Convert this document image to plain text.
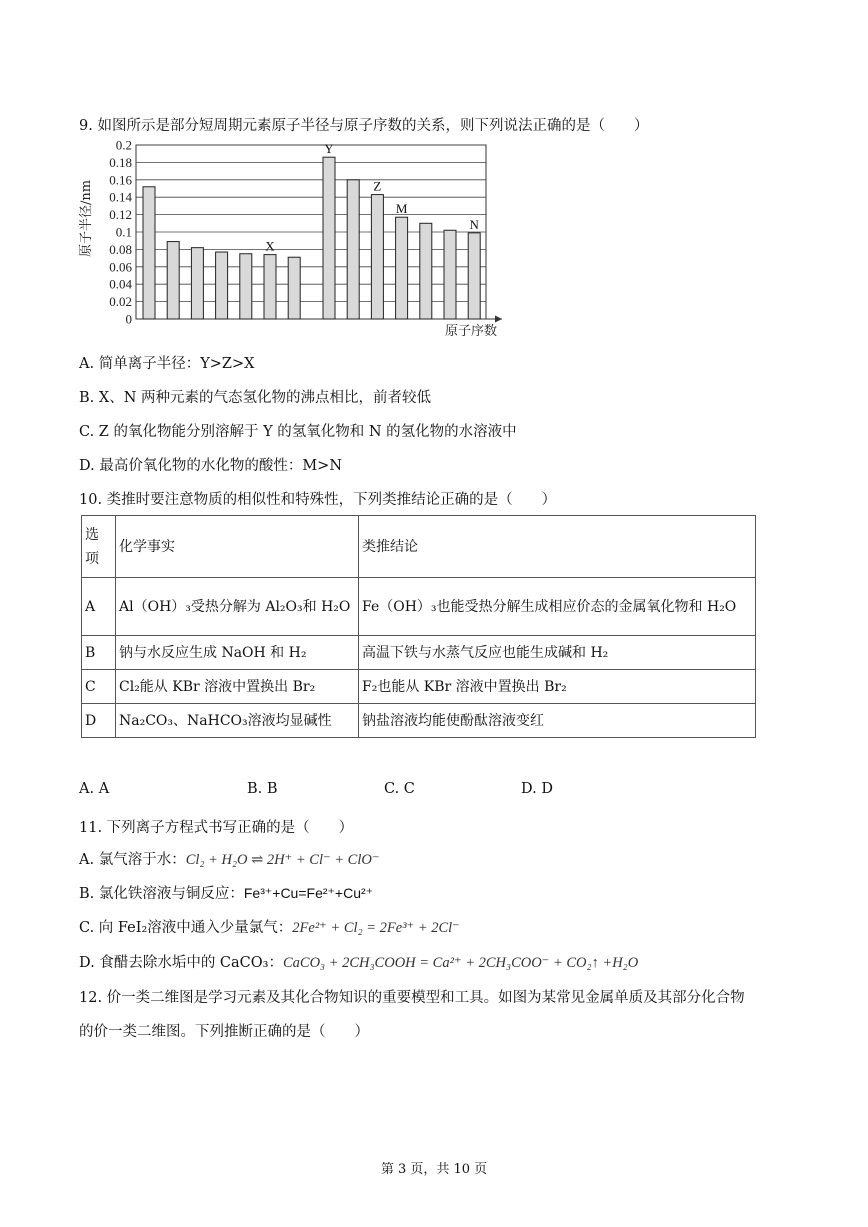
9. 如图所示是部分短周期元素原子半径与原子序数的关系，则下列说法正确的是（　　）
0
0.02
0.04
0.06
0.08
0.1
0.12
0.14
0.16
0.18
0.2
X
Y
Z
M
N
原子半径/nm
原子序数
A. 简单离子半径：Y>Z>X
B. X、N 两种元素的气态氢化物的沸点相比，前者较低
C. Z 的氧化物能分别溶解于 Y 的氢氧化物和 N 的氢化物的水溶液中
D. 最高价氧化物的水化物的酸性：M>N
10. 类推时要注意物质的相似性和特殊性，下列类推结论正确的是（　　）
选项	化学事实	类推结论
A	Al（OH）₃受热分解为 Al₂O₃和 H₂O	Fe（OH）₃也能受热分解生成相应价态的金属氧化物和 H₂O
B	钠与水反应生成 NaOH 和 H₂	高温下铁与水蒸气反应也能生成碱和 H₂
C	Cl₂能从 KBr 溶液中置换出 Br₂	F₂也能从 KBr 溶液中置换出 Br₂
D	Na₂CO₃、NaHCO₃溶液均显碱性	钠盐溶液均能使酚酞溶液变红
A. A	B. B	C. C	D. D
11. 下列离子方程式书写正确的是（　　）
A. 氯气溶于水：Cl₂ + H₂O ⇌ 2H⁺ + Cl⁻ + ClO⁻
B. 氯化铁溶液与铜反应：Fe³⁺+Cu=Fe²⁺+Cu²⁺
C. 向 FeI₂溶液中通入少量氯气：2Fe²⁺ + Cl₂ = 2Fe³⁺ + 2Cl⁻
D. 食醋去除水垢中的 CaCO₃：CaCO₃ + 2CH₃COOH = Ca²⁺ + 2CH₃COO⁻ + CO₂↑ +H₂O
12. 价一类二维图是学习元素及其化合物知识的重要模型和工具。如图为某常见金属单质及其部分化合物
的价一类二维图。下列推断正确的是（　　）
第 3 页，共 10 页
